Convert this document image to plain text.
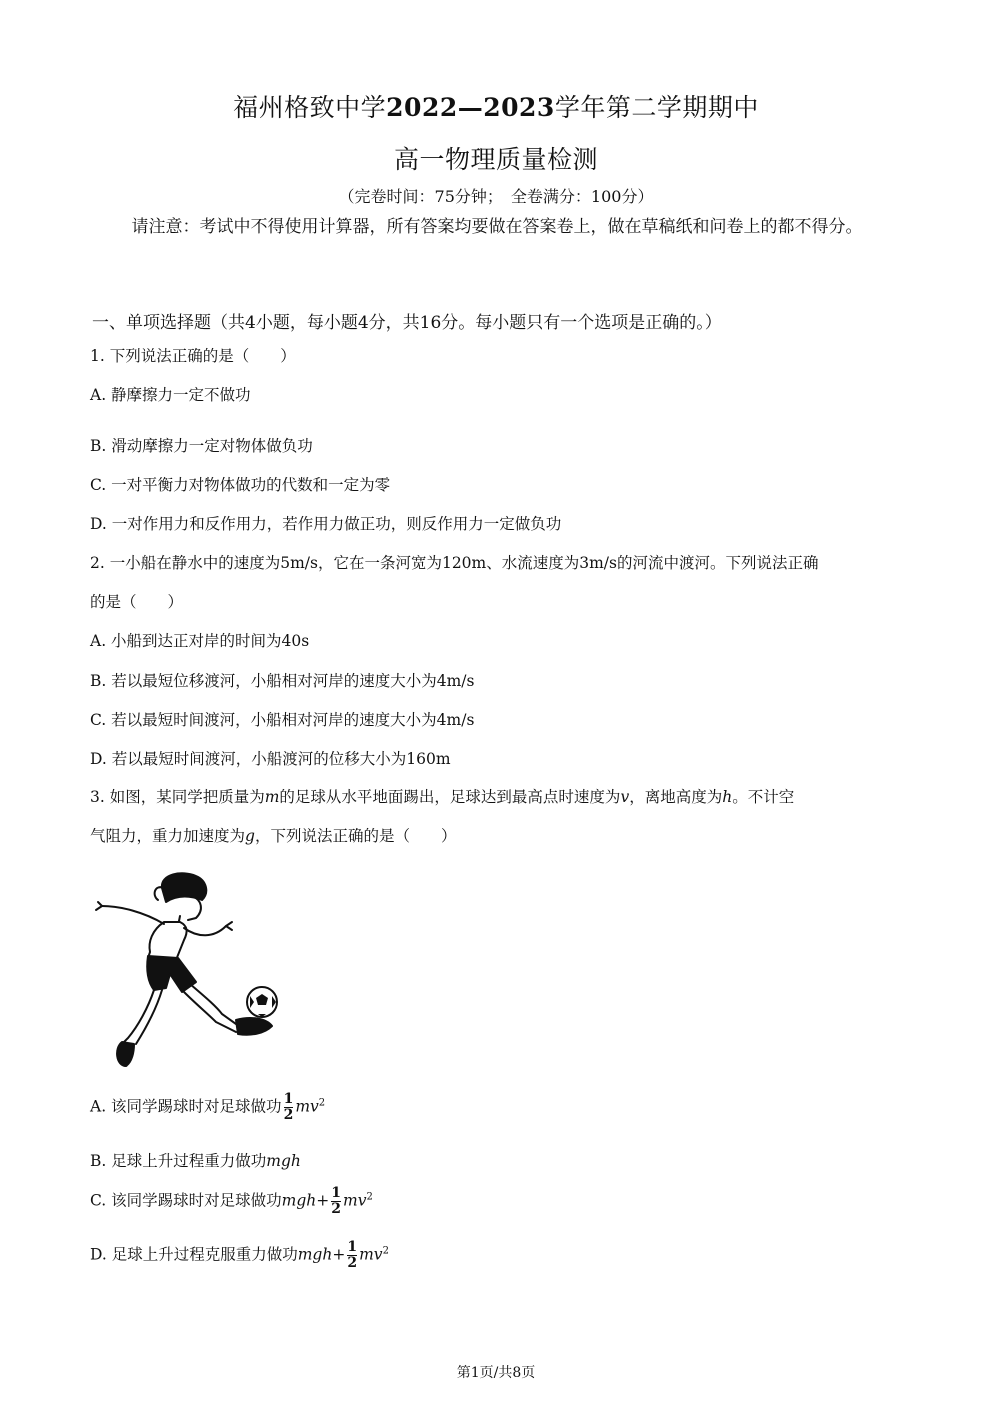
福州格致中学2022—2023学年第二学期期中
高一物理质量检测
（完卷时间：75分钟；　全卷满分：100分）
请注意：考试中不得使用计算器，所有答案均要做在答案卷上，做在草稿纸和问卷上的都不得分。
一、单项选择题（共4小题，每小题4分，共16分。每小题只有一个选项是正确的。）
1. 下列说法正确的是（　　）
A. 静摩擦力一定不做功
B. 滑动摩擦力一定对物体做负功
C. 一对平衡力对物体做功的代数和一定为零
D. 一对作用力和反作用力，若作用力做正功，则反作用力一定做负功
2. 一小船在静水中的速度为5m/s，它在一条河宽为120m、水流速度为3m/s的河流中渡河。下列说法正确
的是（　　）
A. 小船到达正对岸的时间为40s
B. 若以最短位移渡河，小船相对河岸的速度大小为4m/s
C. 若以最短时间渡河，小船相对河岸的速度大小为4m/s
D. 若以最短时间渡河，小船渡河的位移大小为160m
3. 如图，某同学把质量为m的足球从水平地面踢出，足球达到最高点时速度为v，离地高度为h。不计空
气阻力，重力加速度为g，下列说法正确的是（　　）
A. 该同学踢球时对足球做功 $\frac{1}{2} mv^2$
B. 足球上升过程重力做功mgh
C. 该同学踢球时对足球做功$mgh+ \frac{1}{2} mv^2$
D. 足球上升过程克服重力做功$mgh+ \frac{1}{2} mv^2$
第1页/共8页
